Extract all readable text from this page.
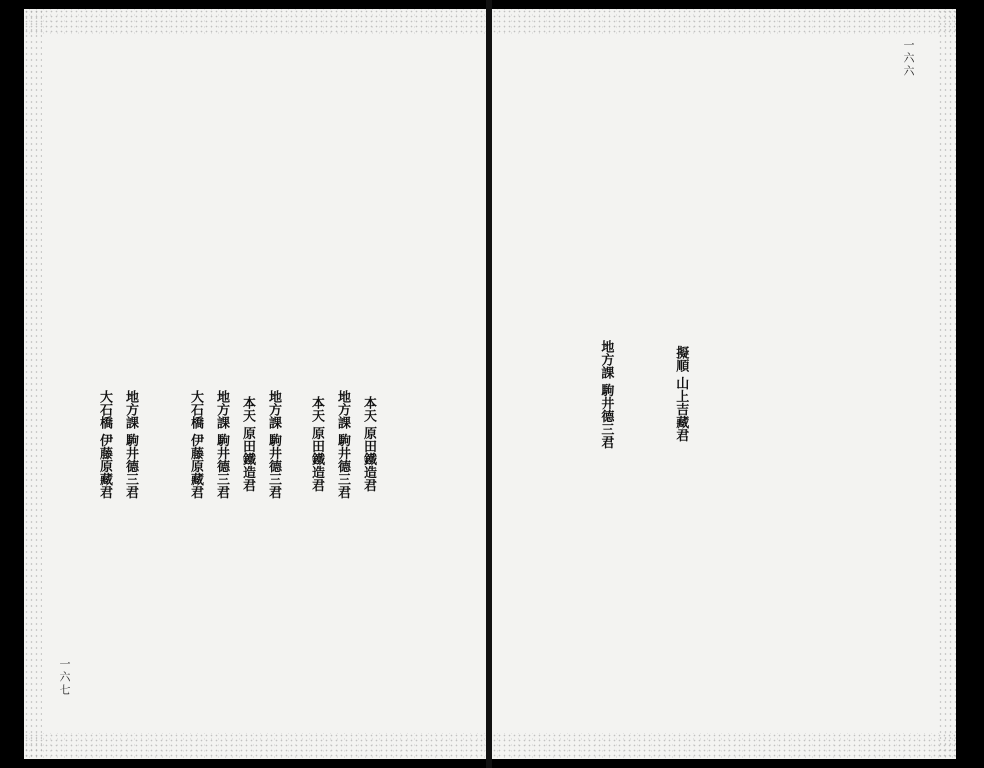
本天 原田鐵造君
地方課 駒井德三君
本天 原田鐵造君
地方課 駒井德三君
本天 原田鐵造君
地方課 駒井德三君
大石橋 伊藤原藏君
地方課 駒井德三君
大石橋 伊藤原藏君
一六七
一六六
擬順 山上吉藏君
地方課 駒井德三君
